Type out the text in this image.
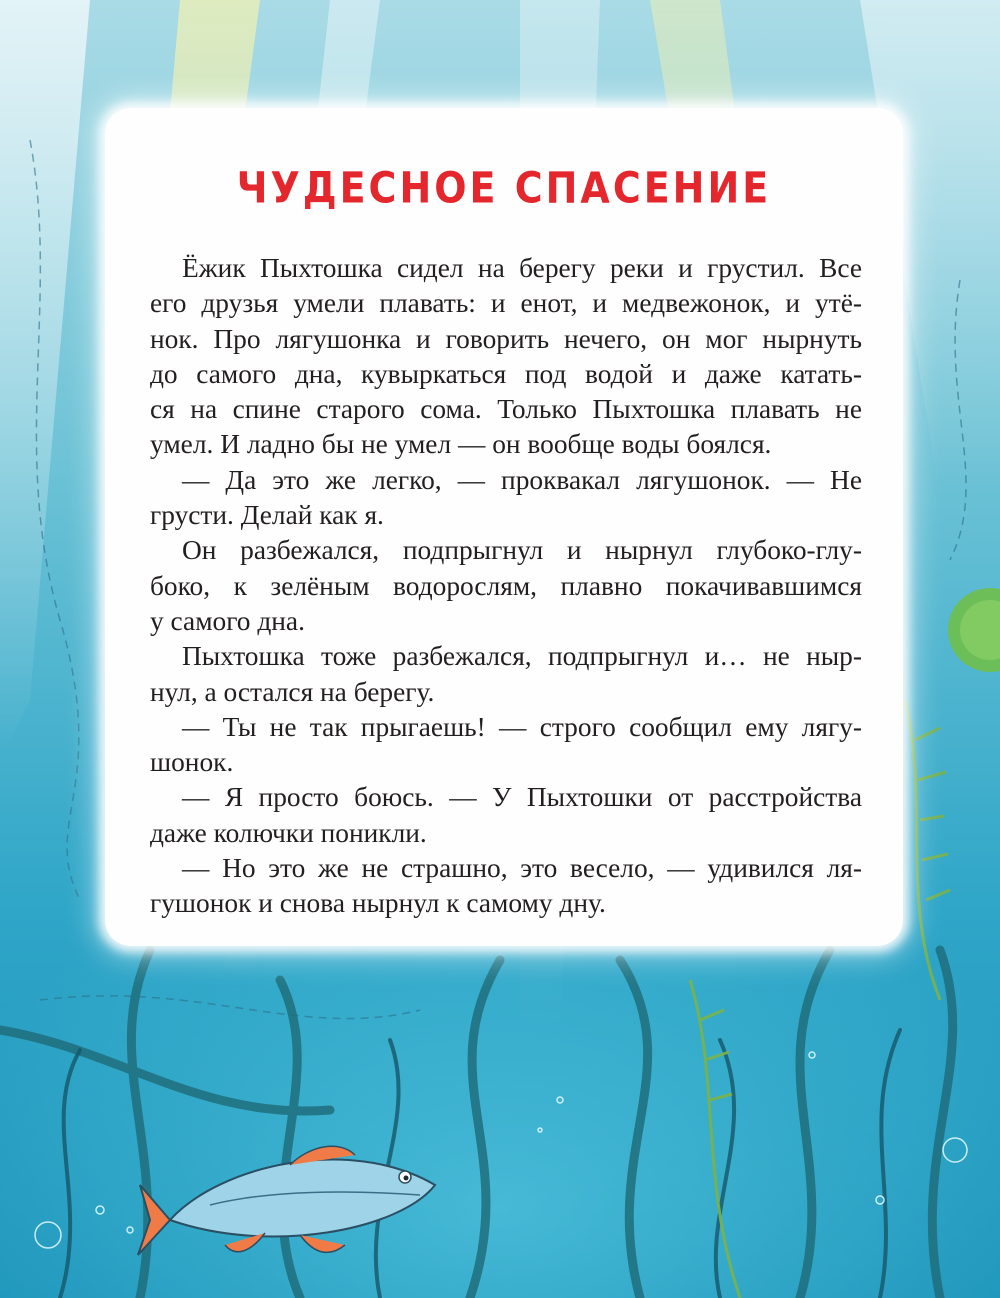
ЧУДЕСНОЕ СПАСЕНИЕ
Ёжик Пыхтошка сидел на берегу реки и грустил. Все
его друзья умели плавать: и енот, и медвежонок, и утё-
нок. Про лягушонка и говорить нечего, он мог нырнуть
до самого дна, кувыркаться под водой и даже катать-
ся на спине старого сома. Только Пыхтошка плавать не
умел. И ладно бы не умел — он вообще воды боялся.
— Да это же легко, — проквакал лягушонок. — Не
грусти. Делай как я.
Он разбежался, подпрыгнул и нырнул глубоко-глу-
боко, к зелёным водорослям, плавно покачивавшимся
у самого дна.
Пыхтошка тоже разбежался, подпрыгнул и… не ныр-
нул, а остался на берегу.
— Ты не так прыгаешь! — строго сообщил ему лягу-
шонок.
— Я просто боюсь. — У Пыхтошки от расстройства
даже колючки поникли.
— Но это же не страшно, это весело, — удивился ля-
гушонок и снова нырнул к самому дну.
